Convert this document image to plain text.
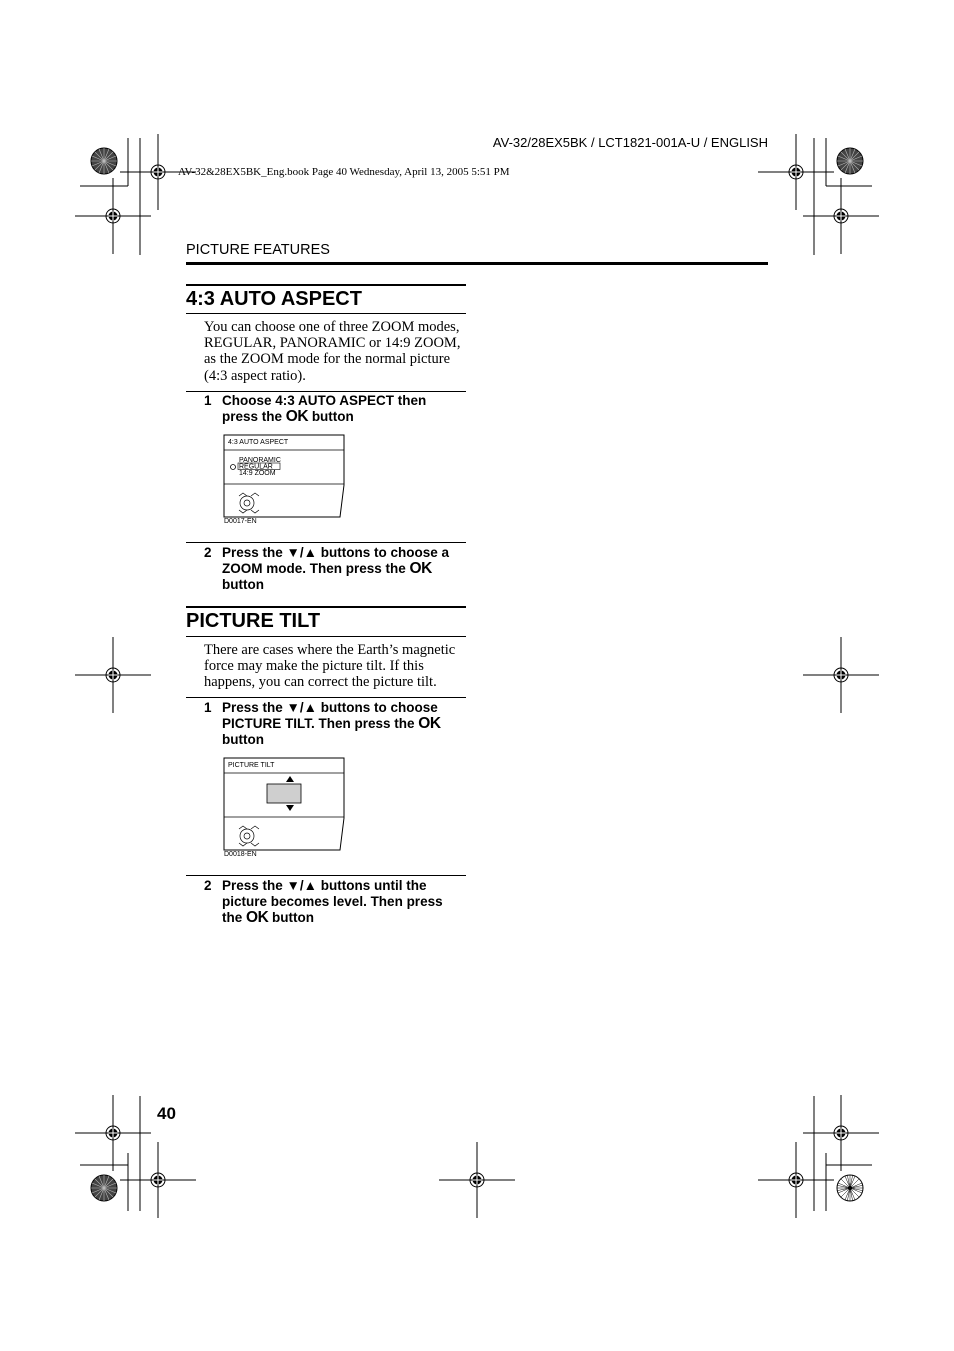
AV-32/28EX5BK / LCT1821-001A-U / ENGLISH
AV-32&28EX5BK_Eng.book Page 40 Wednesday, April 13, 2005 5:51 PM
PICTURE FEATURES
4:3 AUTO ASPECT
You can choose one of three ZOOM modes, REGULAR, PANORAMIC or 14:9 ZOOM, as the ZOOM mode for the normal picture (4:3 aspect ratio).
1 Choose 4:3 AUTO ASPECT then press the OK button
4:3 AUTO ASPECT
PANORAMIC
REGULAR
14:9 ZOOM
D0017-EN
2 Press the ▼/▲ buttons to choose a ZOOM mode. Then press the OK button
PICTURE TILT
There are cases where the Earth’s magnetic force may make the picture tilt. If this happens, you can correct the picture tilt.
1 Press the ▼/▲ buttons to choose PICTURE TILT. Then press the OK button
PICTURE TILT
D0018-EN
2 Press the ▼/▲ buttons until the picture becomes level. Then press the OK button
40
